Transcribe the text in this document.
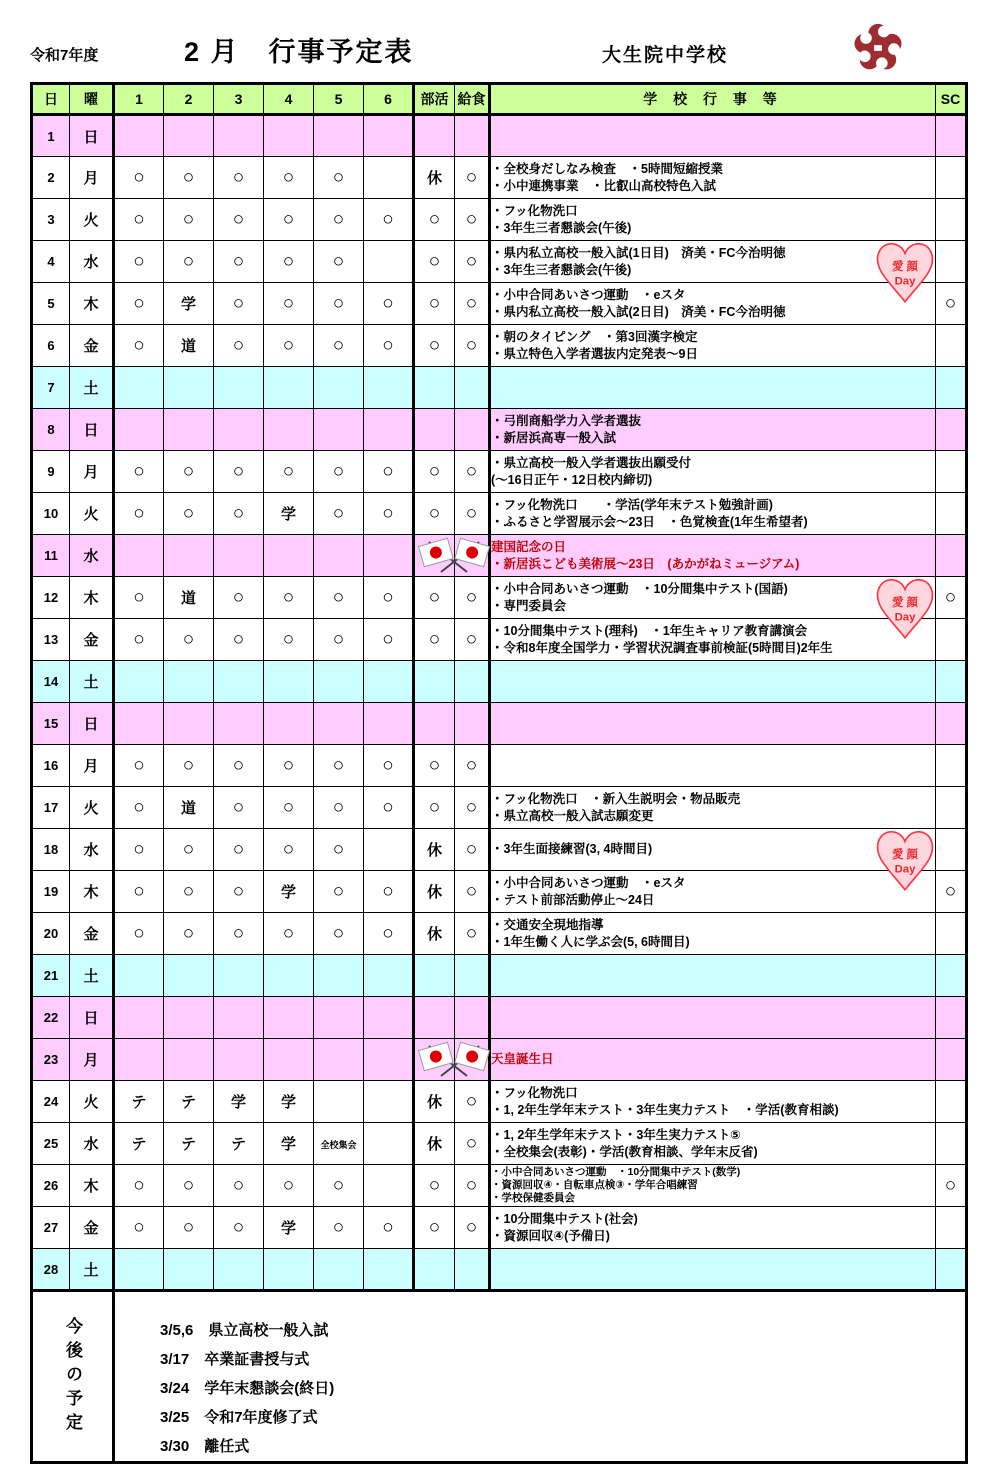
令和7年度	2 月　行事予定表	大生院中学校
日	曜	1	2	3	4	5	6	部活	給食	学 校 行 事 等	SC
1	日										
2	月	○	○	○	○	○		休	○	・全校身だしなみ検査　・5時間短縮授業
・小中連携事業　・比叡山高校特色入試	

3	火	○	○	○	○	○	○	○	○	・フッ化物洗口
・3年生三者懇談会(午後)	

4	水	○	○	○	○	○		○	○	・県内私立高校一般入試(1日目)　済美・FC今治明徳
・3年生三者懇談会(午後) 愛 顔
Day	

5	木	○	学	○	○	○	○	○	○	・小中合同あいさつ運動　・eスタ
・県内私立高校一般入試(2日目)　済美・FC今治明徳	○
6	金	○	道	○	○	○	○	○	○	・朝のタイピング　・第3回漢字検定
・県立特色入学者選抜内定発表〜9日	

7	土										
8	日									・弓削商船学力入学者選抜
・新居浜高専一般入試	

9	月	○	○	○	○	○	○	○	○	・県立高校一般入学者選抜出願受付
(〜16日正午・12日校内締切)	

10	火	○	○	○	学	○	○	○	○	・フッ化物洗口　　・学活(学年末テスト勉強計画)
・ふるさと学習展示会〜23日　・色覚検査(1年生希望者)	

11	水									建国記念の日
・新居浜こども美術展〜23日　(あかがねミュージアム)	

12	木	○	道	○	○	○	○	○	○	・小中合同あいさつ運動　・10分間集中テスト(国語)
・専門委員会 愛 顔
Day	○
13	金	○	○	○	○	○	○	○	○	・10分間集中テスト(理科)　・1年生キャリア教育講演会
・令和8年度全国学力・学習状況調査事前検証(5時間目)2年生	

14	土										
15	日										
16	月	○	○	○	○	○	○	○	○		
17	火	○	道	○	○	○	○	○	○	・フッ化物洗口　・新入生説明会・物品販売
・県立高校一般入試志願変更	

18	水	○	○	○	○	○		休	○	・3年生面接練習(3, 4時間目) 愛 顔
Day	

19	木	○	○	○	学	○	○	休	○	・小中合同あいさつ運動　・eスタ
・テスト前部活動停止〜24日	○
20	金	○	○	○	○	○	○	休	○	・交通安全現地指導
・1年生働く人に学ぶ会(5, 6時間目)	

21	土										
22	日										
23	月									天皇誕生日	

24	火	テ	テ	学	学			休	○	・フッ化物洗口
・1, 2年生学年末テスト・3年生実力テスト　・学活(教育相談)	

25	水	テ	テ	テ	学	全校集会		休	○	・1, 2年生学年末テスト・3年生実力テスト⑤
・全校集会(表彰)・学活(教育相談、学年末反省)	

26	木	○	○	○	○	○		○	○	・小中合同あいさつ運動　・10分間集中テスト(数学)
・資源回収④・自転車点検③・学年合唱練習
・学校保健委員会	○
27	金	○	○	○	学	○	○	○	○	・10分間集中テスト(社会)
・資源回収④(予備日)	

28	土										

今後の予定		3/5,6　県立高校一般入試
3/17　卒業証書授与式
3/24　学年末懇談会(終日)
3/25　令和7年度修了式
3/30　離任式									
